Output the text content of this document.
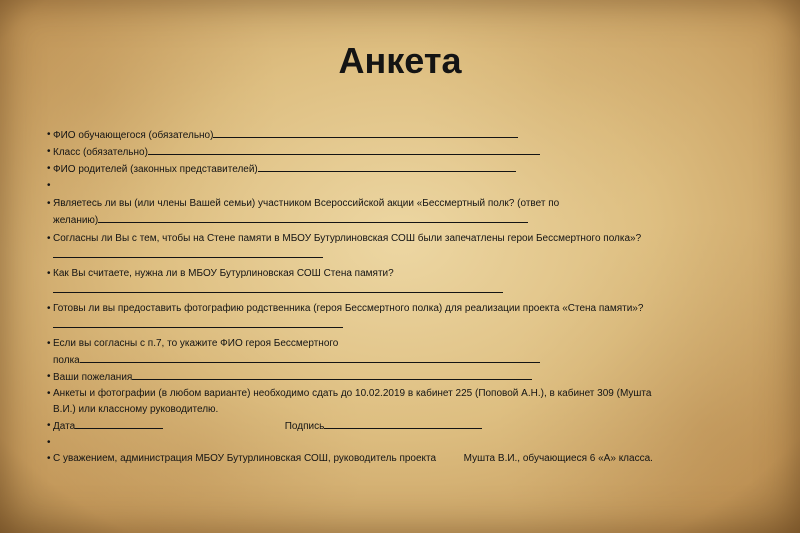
Анкета
• ФИО обучающегося (обязательно)
• Класс (обязательно)
• ФИО родителей (законных представителей)
•
• Являетесь ли вы (или члены Вашей семьи) участником Всероссийской акции «Бессмертный полк? (ответ по
желанию)
• Согласны ли Вы с тем, чтобы на Стене памяти в МБОУ Бутурлиновская СОШ были запечатлены герои Бессмертного полка»?
• Как Вы считаете, нужна ли в МБОУ Бутурлиновская СОШ Стена памяти?
• Готовы ли вы предоставить фотографию родственника (героя Бессмертного полка) для реализации проекта «Стена памяти»?
• Если вы согласны с п.7, то укажите ФИО героя Бессмертного
полка
• Ваши пожелания
• Анкеты и фотографии (в любом варианте) необходимо сдать до 10.02.2019 в кабинет 225 (Поповой А.Н.), в кабинет 309 (Мушта
В.И.) или классному руководителю.
• Дата	Подпись
•
• С уважением, администрация МБОУ Бутурлиновская СОШ, руководитель проекта	Мушта В.И., обучающиеся 6 «А» класса.
